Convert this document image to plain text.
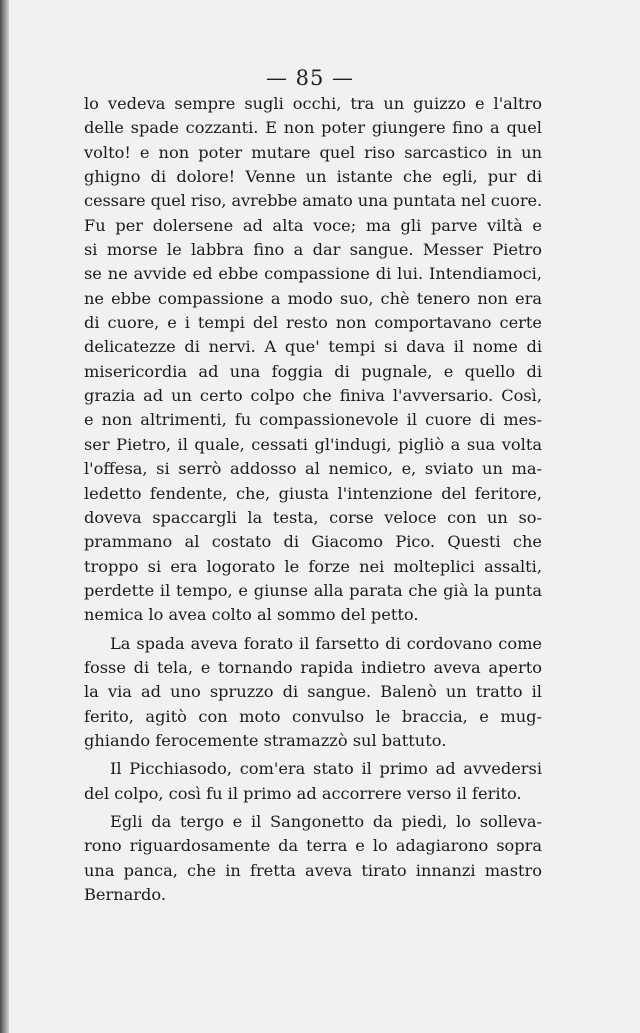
— 85 —
lo vedeva sempre sugli occhi, tra un guizzo e l'altro
delle spade cozzanti. E non poter giungere fino a quel
volto! e non poter mutare quel riso sarcastico in un
ghigno di dolore! Venne un istante che egli, pur di
cessare quel riso, avrebbe amato una puntata nel cuore.
Fu per dolersene ad alta voce; ma gli parve viltà e
si morse le labbra fino a dar sangue. Messer Pietro
se ne avvide ed ebbe compassione di lui. Intendiamoci,
ne ebbe compassione a modo suo, chè tenero non era
di cuore, e i tempi del resto non comportavano certe
delicatezze di nervi. A que' tempi si dava il nome di
misericordia ad una foggia di pugnale, e quello di
grazia ad un certo colpo che finiva l'avversario. Così,
e non altrimenti, fu compassionevole il cuore di mes-
ser Pietro, il quale, cessati gl'indugi, pigliò a sua volta
l'offesa, si serrò addosso al nemico, e, sviato un ma-
ledetto fendente, che, giusta l'intenzione del feritore,
doveva spaccargli la testa, corse veloce con un so-
prammano al costato di Giacomo Pico. Questi che
troppo si era logorato le forze nei molteplici assalti,
perdette il tempo, e giunse alla parata che già la punta
nemica lo avea colto al sommo del petto.
La spada aveva forato il farsetto di cordovano come
fosse di tela, e tornando rapida indietro aveva aperto
la via ad uno spruzzo di sangue. Balenò un tratto il
ferito, agitò con moto convulso le braccia, e mug-
ghiando ferocemente stramazzò sul battuto.
Il Picchiasodo, com'era stato il primo ad avvedersi
del colpo, così fu il primo ad accorrere verso il ferito.
Egli da tergo e il Sangonetto da piedi, lo solleva-
rono riguardosamente da terra e lo adagiarono sopra
una panca, che in fretta aveva tirato innanzi mastro
Bernardo.
